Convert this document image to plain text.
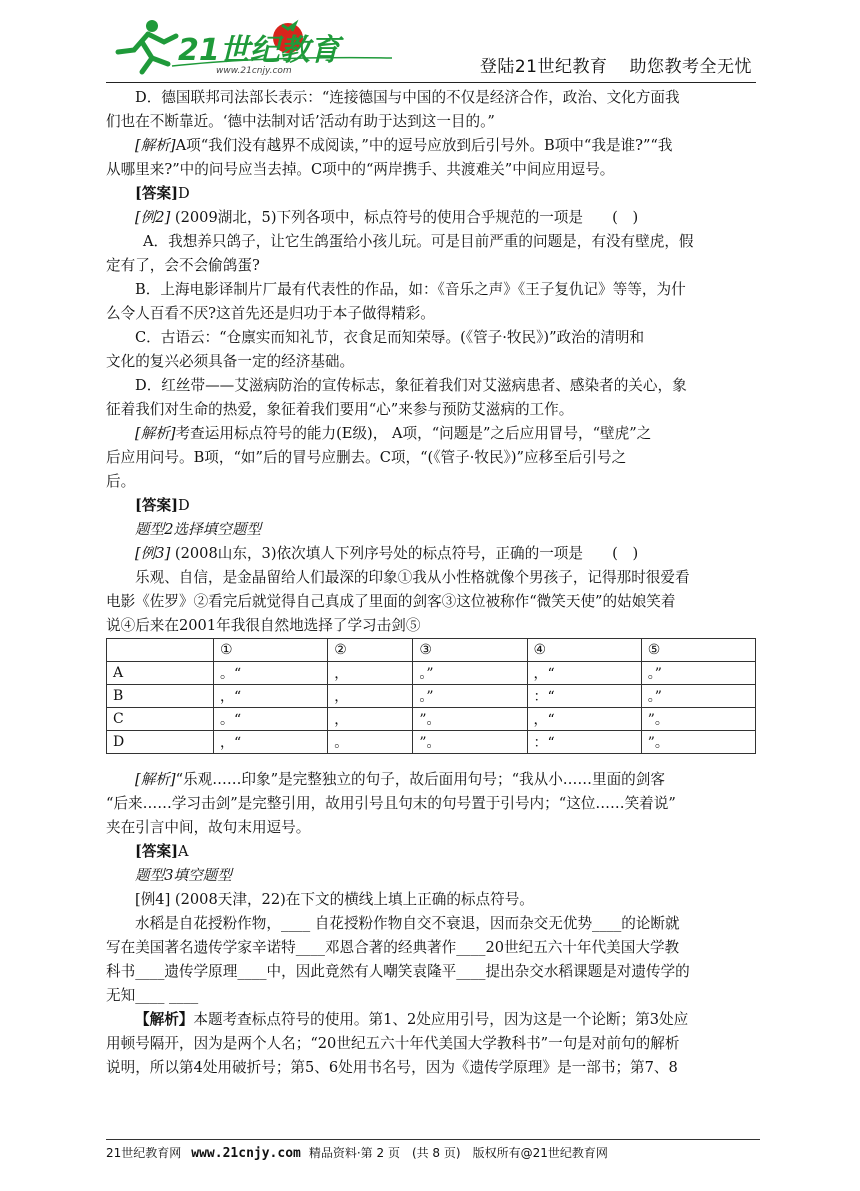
21世纪教育
www.21cnjy.com	登陆21世纪教育 助您教考全无忧

D．德国联邦司法部长表示：“连接德国与中国的不仅是经济合作，政治、文化方面我

们也在不断靠近。‘德中法制对话’活动有助于达到这一目的。”

[解析]A项“我们没有越界不成阅读，”中的逗号应放到后引号外。B项中“我是谁?”“我

从哪里来?”中的问号应当去掉。C项中的“两岸携手、共渡难关”中间应用逗号。

[答案]D

[例2] (2009湖北，5)下列各项中，标点符号的使用合乎规范的一项是　　(　)

A．我想养只鸽子，让它生鸽蛋给小孩儿玩。可是目前严重的问题是，有没有壁虎，假

定有了，会不会偷鸽蛋?

B．上海电影译制片厂最有代表性的作品，如：《音乐之声》《王子复仇记》等等，为什

么令人百看不厌?这首先还是归功于本子做得精彩。

C．古语云：“仓廪实而知礼节，衣食足而知荣辱。(《管子·牧民》)”政治的清明和

文化的复兴必须具备一定的经济基础。

D．红丝带——艾滋病防治的宣传标志，象征着我们对艾滋病患者、感染者的关心，象

征着我们对生命的热爱，象征着我们要用“心”来参与预防艾滋病的工作。

[解析]考查运用标点符号的能力(E级)， A项，“问题是”之后应用冒号，“壁虎”之

后应用问号。B项，“如”后的冒号应删去。C项，“(《管子·牧民》)”应移至后引号之

后。

[答案]D

题型2选择填空题型

[例3] (2008山东，3)依次填人下列序号处的标点符号，正确的一项是　　(　)

乐观、自信，是金晶留给人们最深的印象①我从小性格就像个男孩子，记得那时很爱看

电影《佐罗》②看完后就觉得自己真成了里面的剑客③这位被称作“微笑天使”的姑娘笑着

说④后来在2001年我很自然地选择了学习击剑⑤

	①	②	③	④	⑤
A	。“	，	。”	，“	。”
B	，“	，	。”	：“	。”
C	。“	，	”。	，“	”。
D	，“	。	”。	：“	”。

[解析]“乐观……印象”是完整独立的句子，故后面用句号；“我从小……里面的剑客

“后来……学习击剑”是完整引用，故用引号且句末的句号置于引号内；“这位……笑着说”

夹在引言中间，故句末用逗号。

[答案]A

题型3填空题型

[例4] (2008天津，22)在下文的横线上填上正确的标点符号。

水稻是自花授粉作物，____ 自花授粉作物自交不衰退，因而杂交无优势____的论断就

写在美国著名遗传学家辛诺特____邓恩合著的经典著作____20世纪五六十年代美国大学教

科书____遗传学原理____中，因此竟然有人嘲笑袁隆平____提出杂交水稻课题是对遗传学的

无知____ ____

【解析】本题考查标点符号的使用。第1、2处应用引号，因为这是一个论断；第3处应

用顿号隔开，因为是两个人名；“20世纪五六十年代美国大学教科书”一句是对前句的解析

说明，所以第4处用破折号；第5、6处用书名号，因为《遗传学原理》是一部书；第7、8

21世纪教育网 www.21cnjy.com 精品资料·第 2 页　(共 8 页)　版权所有@21世纪教育网
